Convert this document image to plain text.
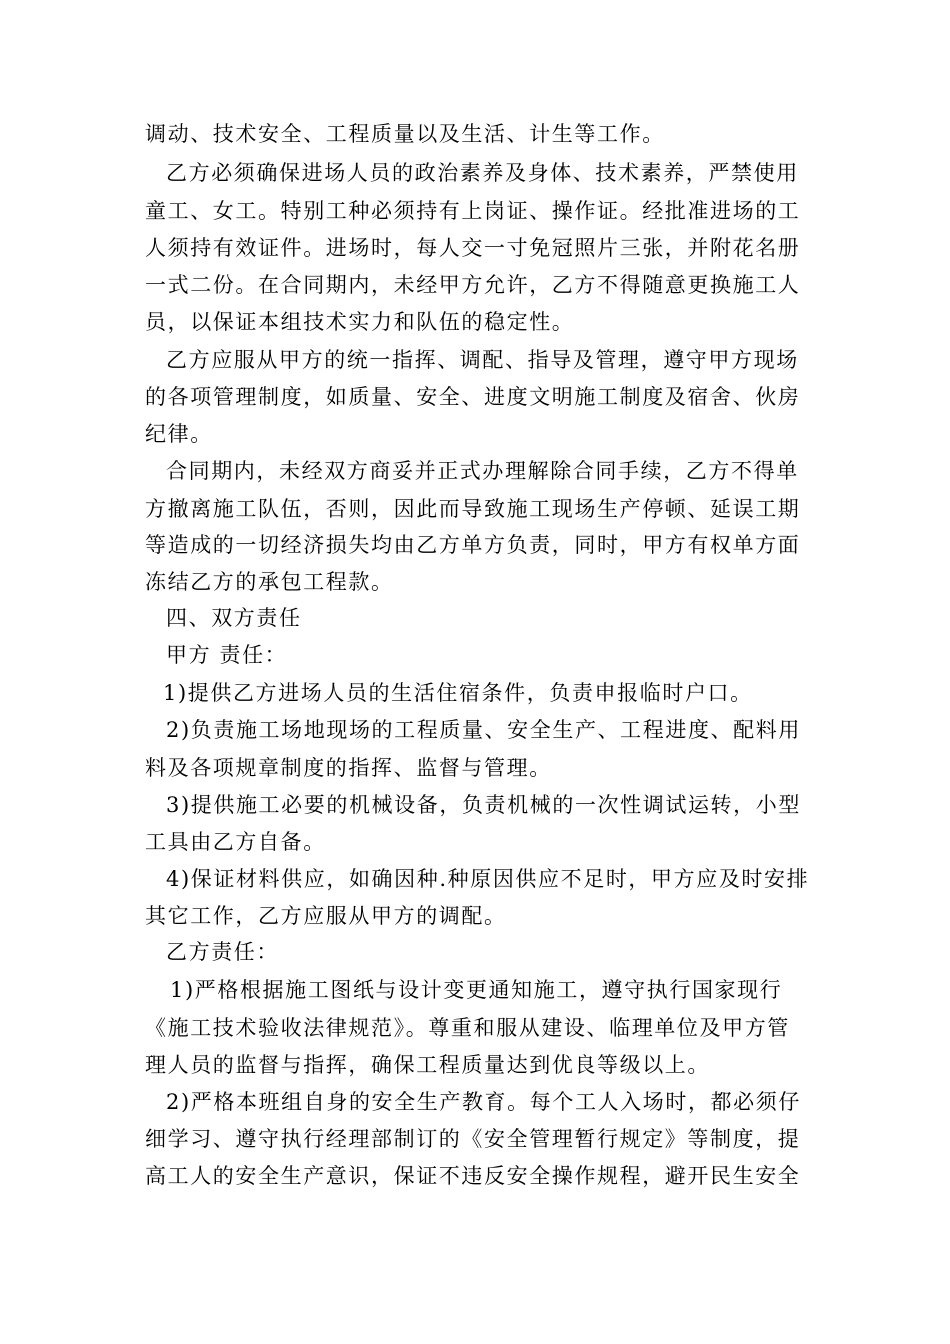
调动、技术安全、工程质量以及生活、计生等工作。
乙方必须确保进场人员的政治素养及身体、技术素养，严禁使用
童工、女工。特别工种必须持有上岗证、操作证。经批准进场的工
人须持有效证件。进场时，每人交一寸免冠照片三张，并附花名册
一式二份。在合同期内，未经甲方允许，乙方不得随意更换施工人
员，以保证本组技术实力和队伍的稳定性。
乙方应服从甲方的统一指挥、调配、指导及管理，遵守甲方现场
的各项管理制度，如质量、安全、进度文明施工制度及宿舍、伙房
纪律。
合同期内，未经双方商妥并正式办理解除合同手续，乙方不得单
方撤离施工队伍，否则，因此而导致施工现场生产停顿、延误工期
等造成的一切经济损失均由乙方单方负责，同时，甲方有权单方面
冻结乙方的承包工程款。
四、双方责任
甲方 责任：
1)提供乙方进场人员的生活住宿条件，负责申报临时户口。
2)负责施工场地现场的工程质量、安全生产、工程进度、配料用
料及各项规章制度的指挥、监督与管理。
3)提供施工必要的机械设备，负责机械的一次性调试运转，小型
工具由乙方自备。
4)保证材料供应，如确因种.种原因供应不足时，甲方应及时安排
其它工作，乙方应服从甲方的调配。
乙方责任：
1)严格根据施工图纸与设计变更通知施工，遵守执行国家现行
《施工技术验收法律规范》。尊重和服从建设、临理单位及甲方管
理人员的监督与指挥，确保工程质量达到优良等级以上。
2)严格本班组自身的安全生产教育。每个工人入场时，都必须仔
细学习、遵守执行经理部制订的《安全管理暂行规定》等制度，提
高工人的安全生产意识，保证不违反安全操作规程，避开民生安全
